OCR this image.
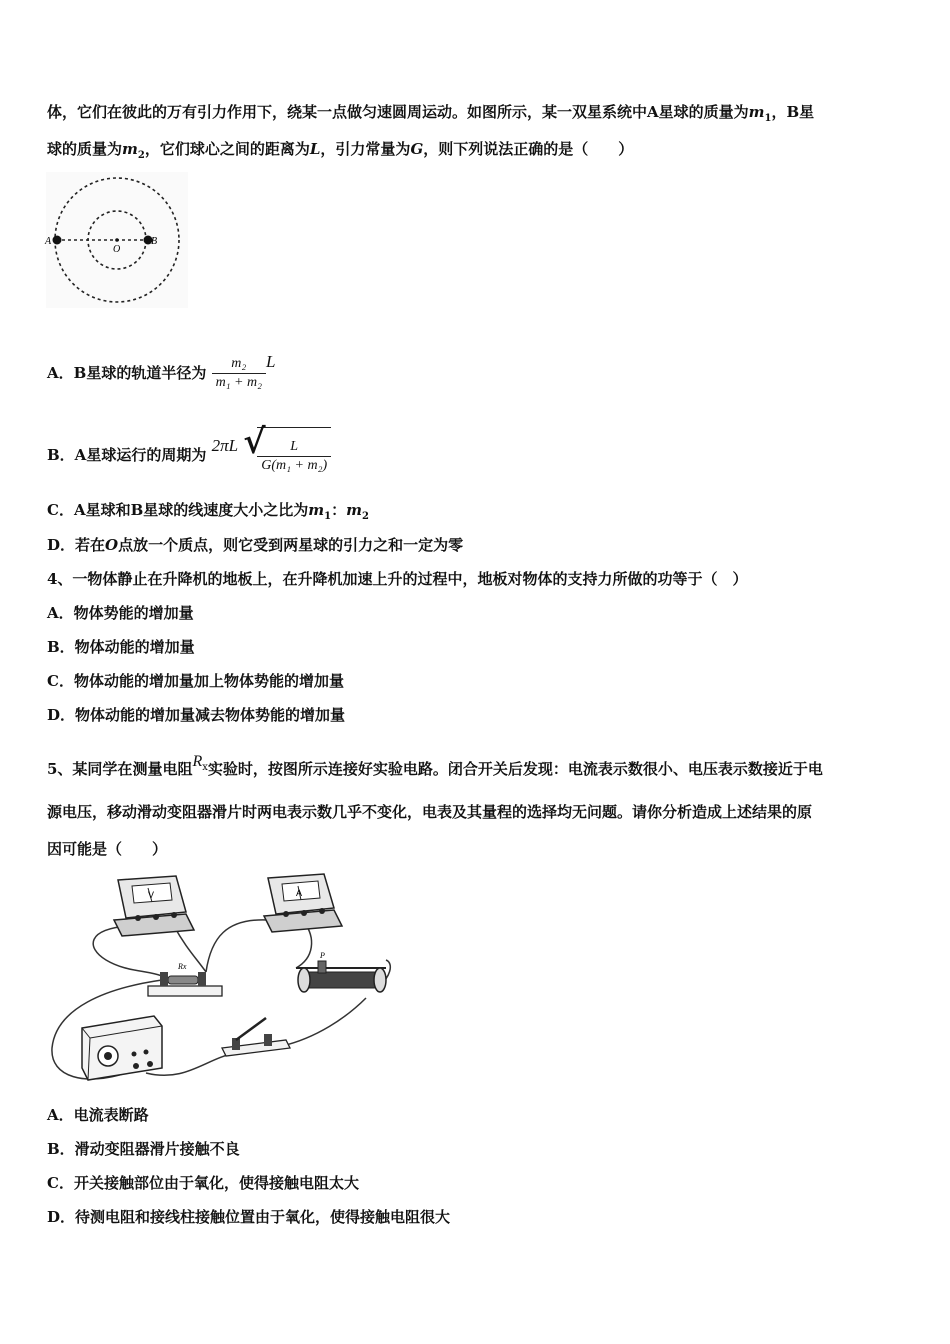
体，它们在彼此的万有引力作用下，绕某一点做匀速圆周运动。如图所示，某一双星系统中A星球的质量为$m_1$，B星
球的质量为$m_2$，它们球心之间的距离为L，引力常量为G，则下列说法正确的是（　　）
A
O
B
A．B星球的轨道半径为 $\frac{\text{m₂}}{\text{m₁ + m₂}}$ L
B．A星球运行的周期为 2πL
√ $\frac{L}{\text{G(m₁ + m₂)}}$
C．A星球和B星球的线速度大小之比为$m_1$：$m_2$
D．若在O点放一个质点，则它受到两星球的引力之和一定为零
4、一物体静止在升降机的地板上，在升降机加速上升的过程中，地板对物体的支持力所做的功等于（　）
A．物体势能的增加量
B．物体动能的增加量
C．物体动能的增加量加上物体势能的增加量
D．物体动能的增加量减去物体势能的增加量
5、某同学在测量电阻$R^x$实验时，按图所示连接好实验电路。闭合开关后发现：电流表示数很小、电压表示数接近于电
源电压，移动滑动变阻器滑片时两电表示数几乎不变化，电表及其量程的选择均无问题。请你分析造成上述结果的原
因可能是（　　）
V	A
Rx
P
A．电流表断路
B．滑动变阻器滑片接触不良
C．开关接触部位由于氧化，使得接触电阻太大
D．待测电阻和接线柱接触位置由于氧化，使得接触电阻很大
